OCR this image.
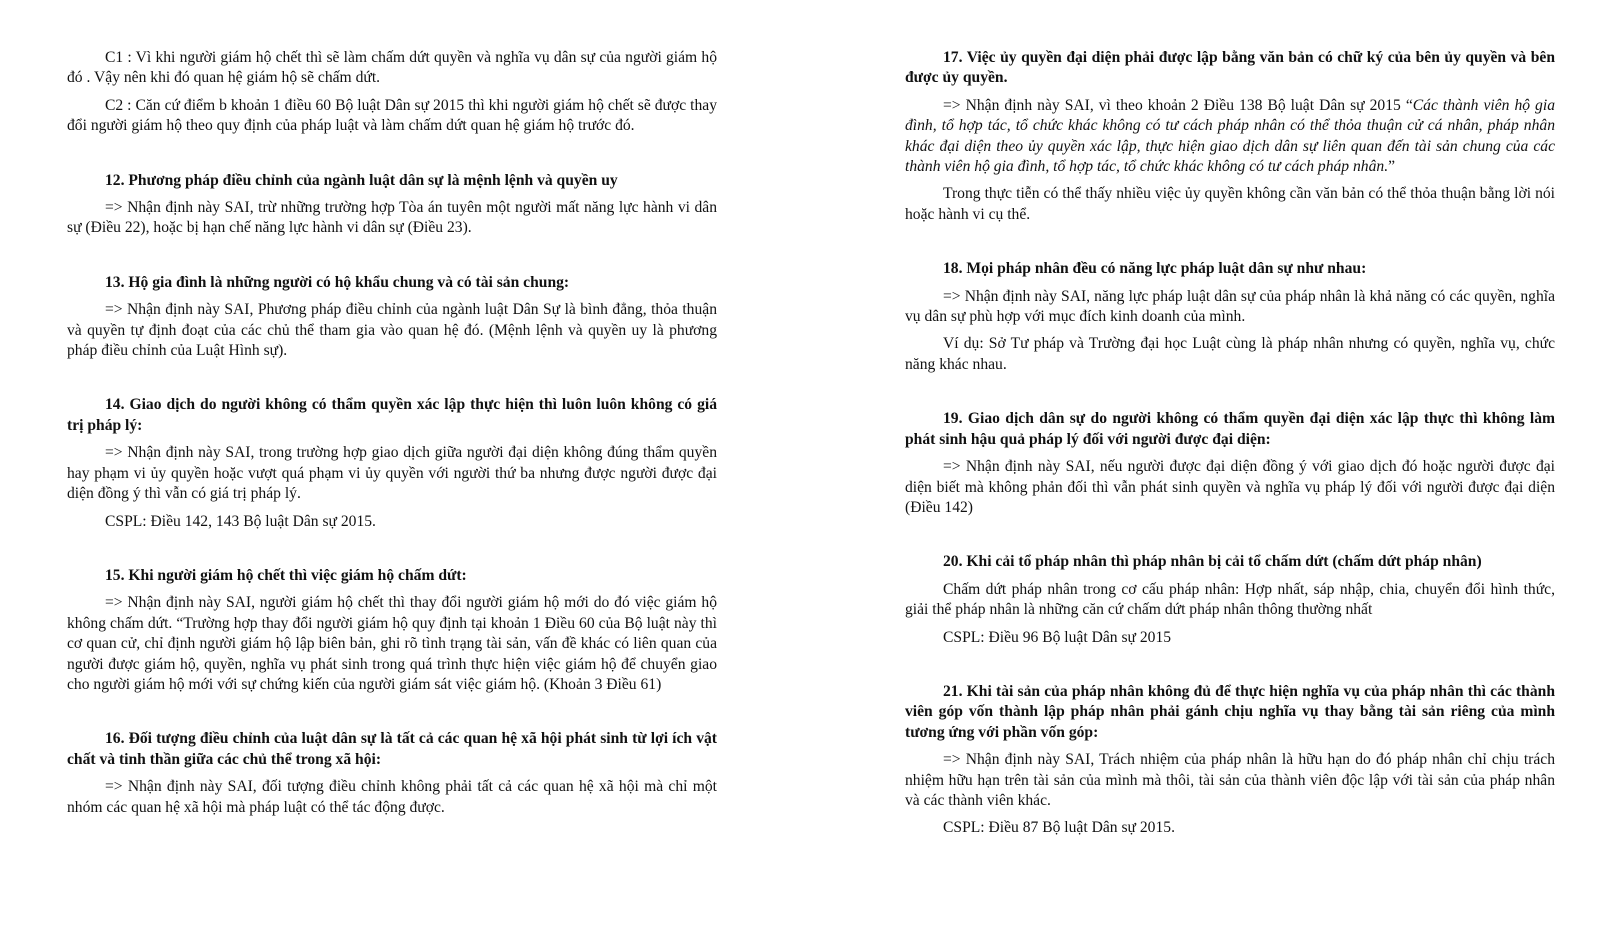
C1 : Vì khi người giám hộ chết thì sẽ làm chấm dứt quyền và nghĩa vụ dân sự của người giám hộ đó . Vậy nên khi đó quan hệ giám hộ sẽ chấm dứt.

C2 : Căn cứ điểm b khoản 1 điều 60 Bộ luật Dân sự 2015 thì khi người giám hộ chết sẽ được thay đổi người giám hộ theo quy định của pháp luật và làm chấm dứt quan hệ giám hộ trước đó.

12. Phương pháp điều chỉnh của ngành luật dân sự là mệnh lệnh và quyền uy

=> Nhận định này SAI, trừ những trường hợp Tòa án tuyên một người mất năng lực hành vi dân sự (Điều 22), hoặc bị hạn chế năng lực hành vi dân sự (Điều 23).

13. Hộ gia đình là những người có hộ khẩu chung và có tài sản chung:

=> Nhận định này SAI, Phương pháp điều chỉnh của ngành luật Dân Sự là bình đẳng, thỏa thuận và quyền tự định đoạt của các chủ thể tham gia vào quan hệ đó. (Mệnh lệnh và quyền uy là phương pháp điều chỉnh của Luật Hình sự).

14. Giao dịch do người không có thẩm quyền xác lập thực hiện thì luôn luôn không có giá trị pháp lý:

=> Nhận định này SAI, trong trường hợp giao dịch giữa người đại diện không đúng thẩm quyền hay phạm vi ủy quyền hoặc vượt quá phạm vi ủy quyền với người thứ ba nhưng được người được đại diện đồng ý thì vẫn có giá trị pháp lý.

CSPL: Điều 142, 143 Bộ luật Dân sự 2015.

15. Khi người giám hộ chết thì việc giám hộ chấm dứt:

=> Nhận định này SAI, người giám hộ chết thì thay đổi người giám hộ mới do đó việc giám hộ không chấm dứt. “Trường hợp thay đổi người giám hộ quy định tại khoản 1 Điều 60 của Bộ luật này thì cơ quan cử, chỉ định người giám hộ lập biên bản, ghi rõ tình trạng tài sản, vấn đề khác có liên quan của người được giám hộ, quyền, nghĩa vụ phát sinh trong quá trình thực hiện việc giám hộ để chuyển giao cho người giám hộ mới với sự chứng kiến của người giám sát việc giám hộ. (Khoản 3 Điều 61)

16. Đối tượng điều chỉnh của luật dân sự là tất cả các quan hệ xã hội phát sinh từ lợi ích vật chất và tinh thần giữa các chủ thể trong xã hội:

=> Nhận định này SAI, đối tượng điều chỉnh không phải tất cả các quan hệ xã hội mà chỉ một nhóm các quan hệ xã hội mà pháp luật có thể tác động được.

17. Việc ủy quyền đại diện phải được lập bằng văn bản có chữ ký của bên ủy quyền và bên được ủy quyền.

=> Nhận định này SAI, vì theo khoản 2 Điều 138 Bộ luật Dân sự 2015 “Các thành viên hộ gia đình, tổ hợp tác, tổ chức khác không có tư cách pháp nhân có thể thỏa thuận cử cá nhân, pháp nhân khác đại diện theo ủy quyền xác lập, thực hiện giao dịch dân sự liên quan đến tài sản chung của các thành viên hộ gia đình, tổ hợp tác, tổ chức khác không có tư cách pháp nhân.”

Trong thực tiễn có thể thấy nhiều việc ủy quyền không cần văn bản có thể thỏa thuận bằng lời nói hoặc hành vi cụ thể.

18. Mọi pháp nhân đều có năng lực pháp luật dân sự như nhau:

=> Nhận định này SAI, năng lực pháp luật dân sự của pháp nhân là khả năng có các quyền, nghĩa vụ dân sự phù hợp với mục đích kinh doanh của mình.

Ví dụ: Sở Tư pháp và Trường đại học Luật cùng là pháp nhân nhưng có quyền, nghĩa vụ, chức năng khác nhau.

19. Giao dịch dân sự do người không có thẩm quyền đại diện xác lập thực thì không làm phát sinh hậu quả pháp lý đối với người được đại diện:

=> Nhận định này SAI, nếu người được đại diện đồng ý với giao dịch đó hoặc người được đại diện biết mà không phản đối thì vẫn phát sinh quyền và nghĩa vụ pháp lý đối với người được đại diện (Điều 142)

20. Khi cải tổ pháp nhân thì pháp nhân bị cải tổ chấm dứt (chấm dứt pháp nhân)

Chấm dứt pháp nhân trong cơ cấu pháp nhân: Hợp nhất, sáp nhập, chia, chuyển đổi hình thức, giải thể pháp nhân là những căn cứ chấm dứt pháp nhân thông thường nhất

CSPL: Điều 96 Bộ luật Dân sự 2015

21. Khi tài sản của pháp nhân không đủ để thực hiện nghĩa vụ của pháp nhân thì các thành viên góp vốn thành lập pháp nhân phải gánh chịu nghĩa vụ thay bằng tài sản riêng của mình tương ứng với phần vốn góp:

=> Nhận định này SAI, Trách nhiệm của pháp nhân là hữu hạn do đó pháp nhân chỉ chịu trách nhiệm hữu hạn trên tài sản của mình mà thôi, tài sản của thành viên độc lập với tài sản của pháp nhân và các thành viên khác.

CSPL: Điều 87 Bộ luật Dân sự 2015.
